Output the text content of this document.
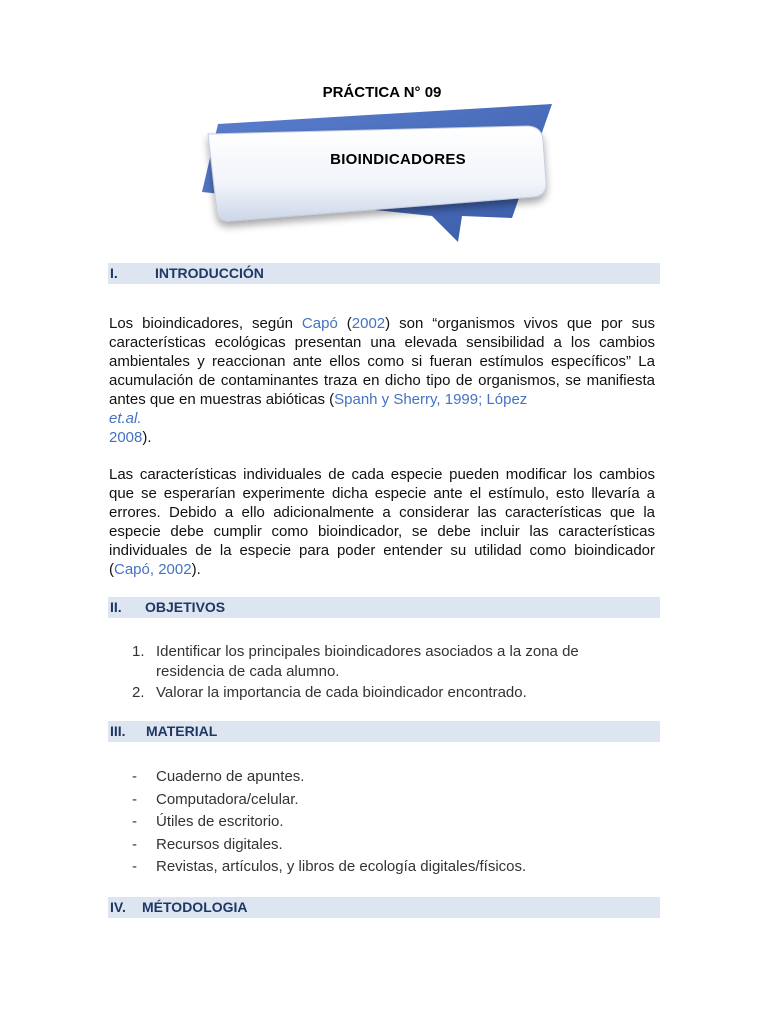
PRÁCTICA N° 09
BIOINDICADORES
I.	INTRODUCCIÓN
Los bioindicadores, según Capó (2002) son “organismos vivos que por sus características ecológicas presentan una elevada sensibilidad a los cambios ambientales y reaccionan ante ellos como si fueran estímulos específicos” La acumulación de contaminantes traza en dicho tipo de organismos, se manifiesta antes que en muestras abióticas (Spanh y Sherry, 1999; López
et.al.
2008).
Las características individuales de cada especie pueden modificar los cambios que se esperarían experimente dicha especie ante el estímulo, esto llevaría a errores. Debido a ello adicionalmente a considerar las características que la especie debe cumplir como bioindicador, se debe incluir las características individuales de la especie para poder entender su utilidad como bioindicador (Capó, 2002).
II. OBJETIVOS
1. Identificar los principales bioindicadores asociados a la zona de residencia de cada alumno.
2. Valorar la importancia de cada bioindicador encontrado.
III. MATERIAL
- Cuaderno de apuntes.
- Computadora/celular.
- Útiles de escritorio.
- Recursos digitales.
- Revistas, artículos, y libros de ecología digitales/físicos.
IV. MÉTODOLOGIA
